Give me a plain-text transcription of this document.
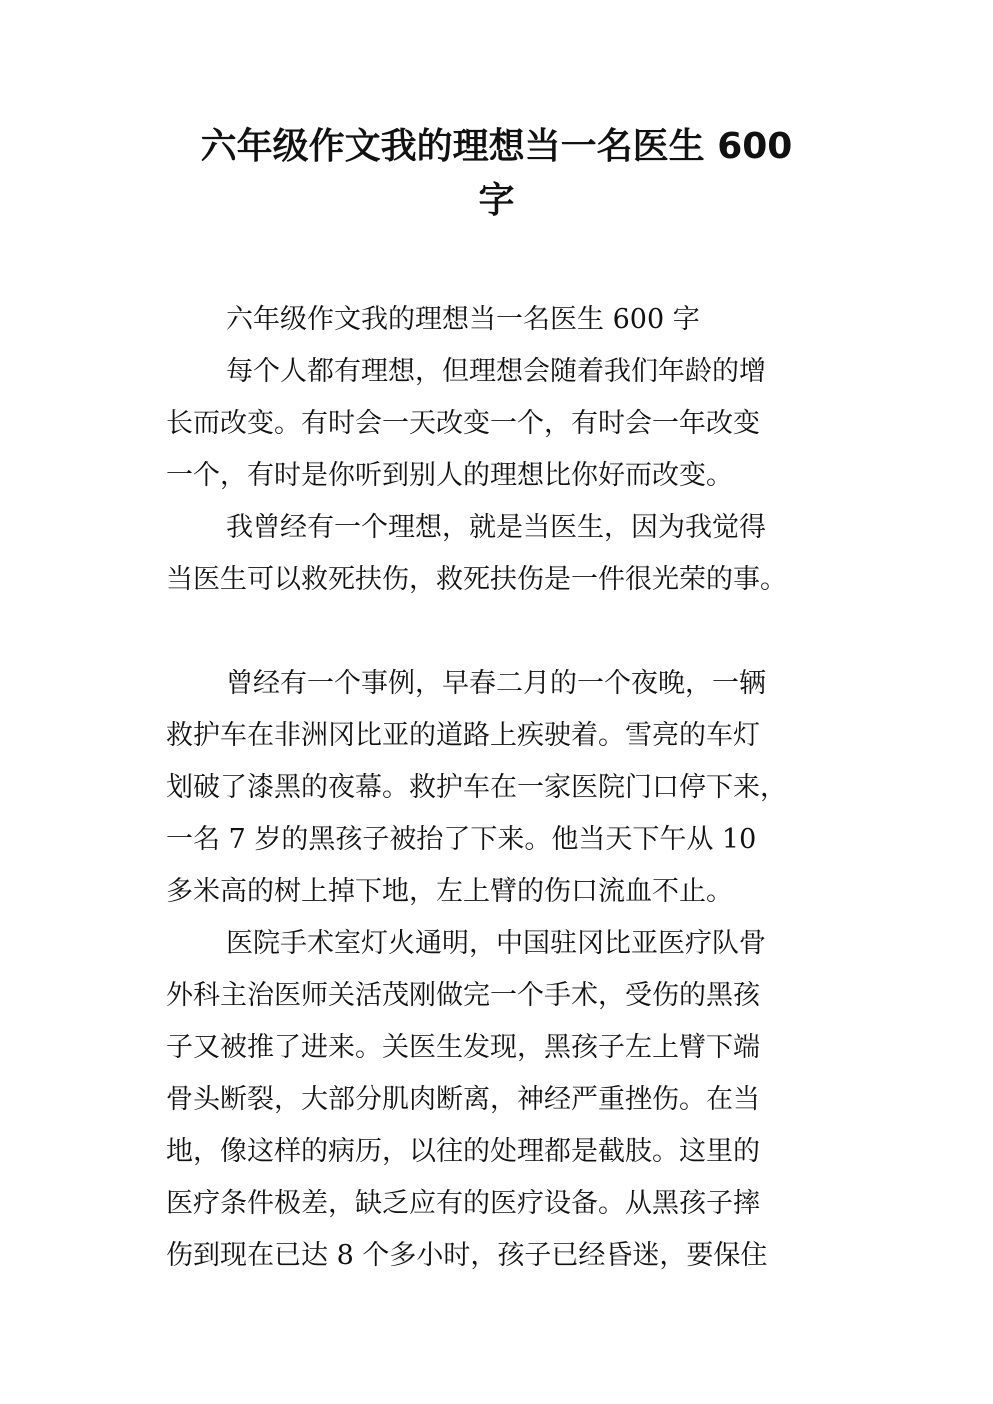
六年级作文我的理想当一名医生 600
字
六年级作文我的理想当一名医生 600 字
每个人都有理想，但理想会随着我们年龄的增
长而改变。有时会一天改变一个，有时会一年改变
一个，有时是你听到别人的理想比你好而改变。
我曾经有一个理想，就是当医生，因为我觉得
当医生可以救死扶伤，救死扶伤是一件很光荣的事。
曾经有一个事例，早春二月的一个夜晚，一辆
救护车在非洲冈比亚的道路上疾驶着。雪亮的车灯
划破了漆黑的夜幕。救护车在一家医院门口停下来，
一名 7 岁的黑孩子被抬了下来。他当天下午从 10
多米高的树上掉下地，左上臂的伤口流血不止。
医院手术室灯火通明，中国驻冈比亚医疗队骨
外科主治医师关活茂刚做完一个手术，受伤的黑孩
子又被推了进来。关医生发现，黑孩子左上臂下端
骨头断裂，大部分肌肉断离，神经严重挫伤。在当
地，像这样的病历，以往的处理都是截肢。这里的
医疗条件极差，缺乏应有的医疗设备。从黑孩子摔
伤到现在已达 8 个多小时，孩子已经昏迷，要保住
